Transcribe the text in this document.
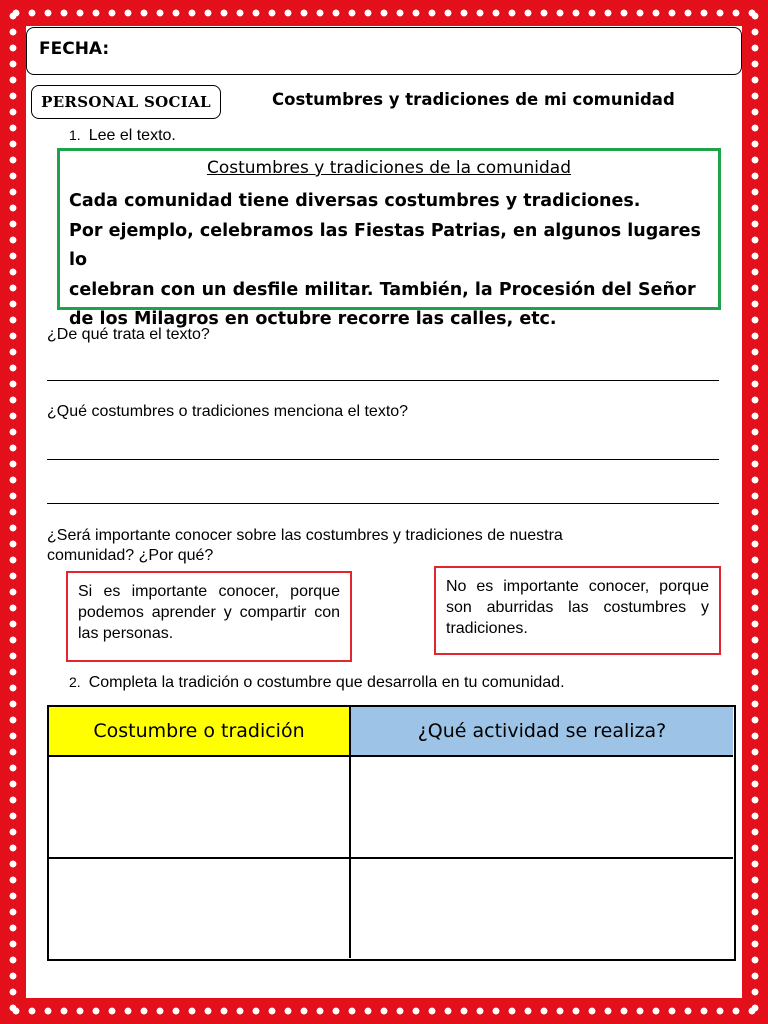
FECHA:
PERSONAL SOCIAL	Costumbres y tradiciones de mi comunidad
1. Lee el texto.
Costumbres y tradiciones de la comunidad
Cada comunidad tiene diversas costumbres y tradiciones.
Por ejemplo, celebramos las Fiestas Patrias, en algunos lugares lo
celebran con un desfile militar. También, la Procesión del Señor
de los Milagros en octubre recorre las calles, etc.
¿De qué trata el texto?
¿Qué costumbres o tradiciones menciona el texto?
¿Será importante conocer sobre las costumbres y tradiciones de nuestra
comunidad? ¿Por qué?
Si es importante conocer, porque podemos aprender y compartir con las personas.
No es importante conocer, porque son aburridas las costumbres y tradiciones.
2. Completa la tradición o costumbre que desarrolla en tu comunidad.
Costumbre o tradición	¿Qué actividad se realiza?
